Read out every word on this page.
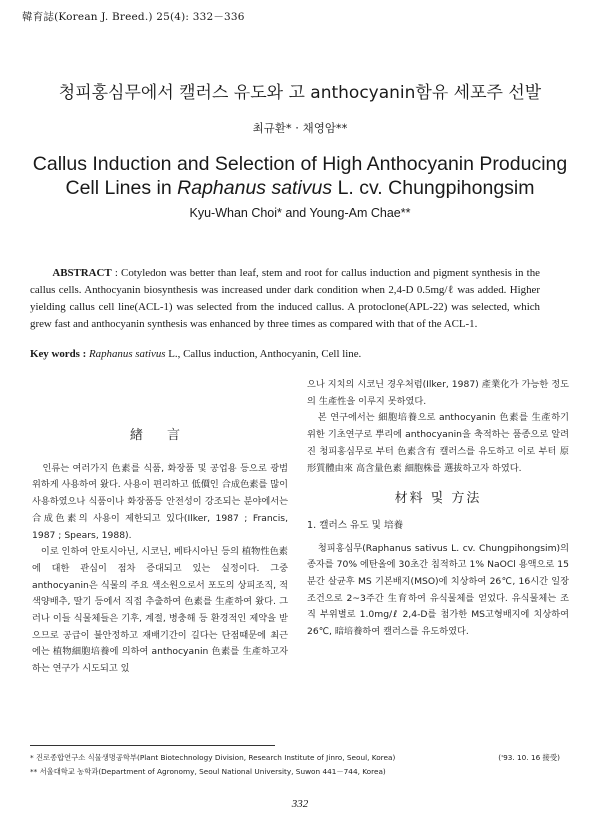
韓育誌(Korean J. Breed.) 25(4): 332－336
청피홍심무에서 캘러스 유도와 고 anthocyanin함유 세포주 선발
최규환* · 채영암**
Callus Induction and Selection of High Anthocyanin Producing
Cell Lines in Raphanus sativus L. cv. Chungpihongsim
Kyu-Whan Choi* and Young-Am Chae**
ABSTRACT : Cotyledon was better than leaf, stem and root for callus induction and pigment synthesis in the callus cells. Anthocyanin biosynthesis was increased under dark condition when 2,4-D 0.5mg/ℓ was added. Higher yielding callus cell line(ACL-1) was selected from the induced callus. A protoclone(APL-22) was selected, which grew fast and anthocyanin synthesis was enhanced by three times as compared with that of the ACL-1.
Key words : Raphanus sativus L., Callus induction, Anthocyanin, Cell line.
緖 言

인류는 여러가지 色素를 식품, 화장품 및 공업용 등으로 광범위하게 사용하여 왔다. 사용이 편리하고 低價인 合成色素를 많이 사용하였으나 식품이나 화장품등 안전성이 강조되는 분야에서는 合成色素의 사용이 제한되고 있다(Ilker, 1987 ; Francis, 1987 ; Spears, 1988).

이로 인하여 안토시아닌, 시코닌, 베타시아닌 등의 植物性色素에 대한 관심이 점차 증대되고 있는 실정이다. 그중 anthocyanin은 식물의 주요 색소원으로서 포도의 상피조직, 적색양배추, 딸기 등에서 직접 추출하여 色素를 生產하여 왔다. 그러나 이들 식물체들은 기후, 계절, 병충해 등 환경적인 제약을 받으므로 공급이 불안정하고 재배기간이 길다는 단점때문에 최근에는 植物細胞培養에 의하여 anthocyanin 色素를 生產하고자 하는 연구가 시도되고 있

으나 지치의 시코닌 경우처럼(Ilker, 1987) 產業化가 가능한 정도의 生產性을 이루지 못하였다.

본 연구에서는 細胞培養으로 anthocyanin 色素를 生產하기 위한 기초연구로 뿌리에 anthocyanin을 축적하는 품종으로 알려진 청피홍심무로 부터 色素含有 캘러스를 유도하고 이로 부터 原形質體由來 高含量色素 細胞株를 選拔하고자 하였다.

材料 및 方法
1. 캘러스 유도 및 培養

청피홍심무(Raphanus sativus L. cv. Chungpihongsim)의 종자를 70% 에탄올에 30초간 침적하고 1% NaOCl 용액으로 15분간 살균후 MS 기본배지(MSO)에 치상하여 26℃, 16시간 일장조건으로 2~3주간 生育하여 유식물체를 얻었다. 유식물체는 조직 부위별로 1.0mg/ℓ 2,4-D를 첨가한 MS고형배지에 치상하여 26℃, 暗培養하여 캘러스를 유도하였다.

* 진로종합연구소 식물생명공학부(Plant Biotechnology Division, Research Institute of Jinro, Seoul, Korea)	('93. 10. 16 接受)
** 서울대학교 농학과(Department of Agronomy, Seoul National University, Suwon 441－744, Korea)
332
